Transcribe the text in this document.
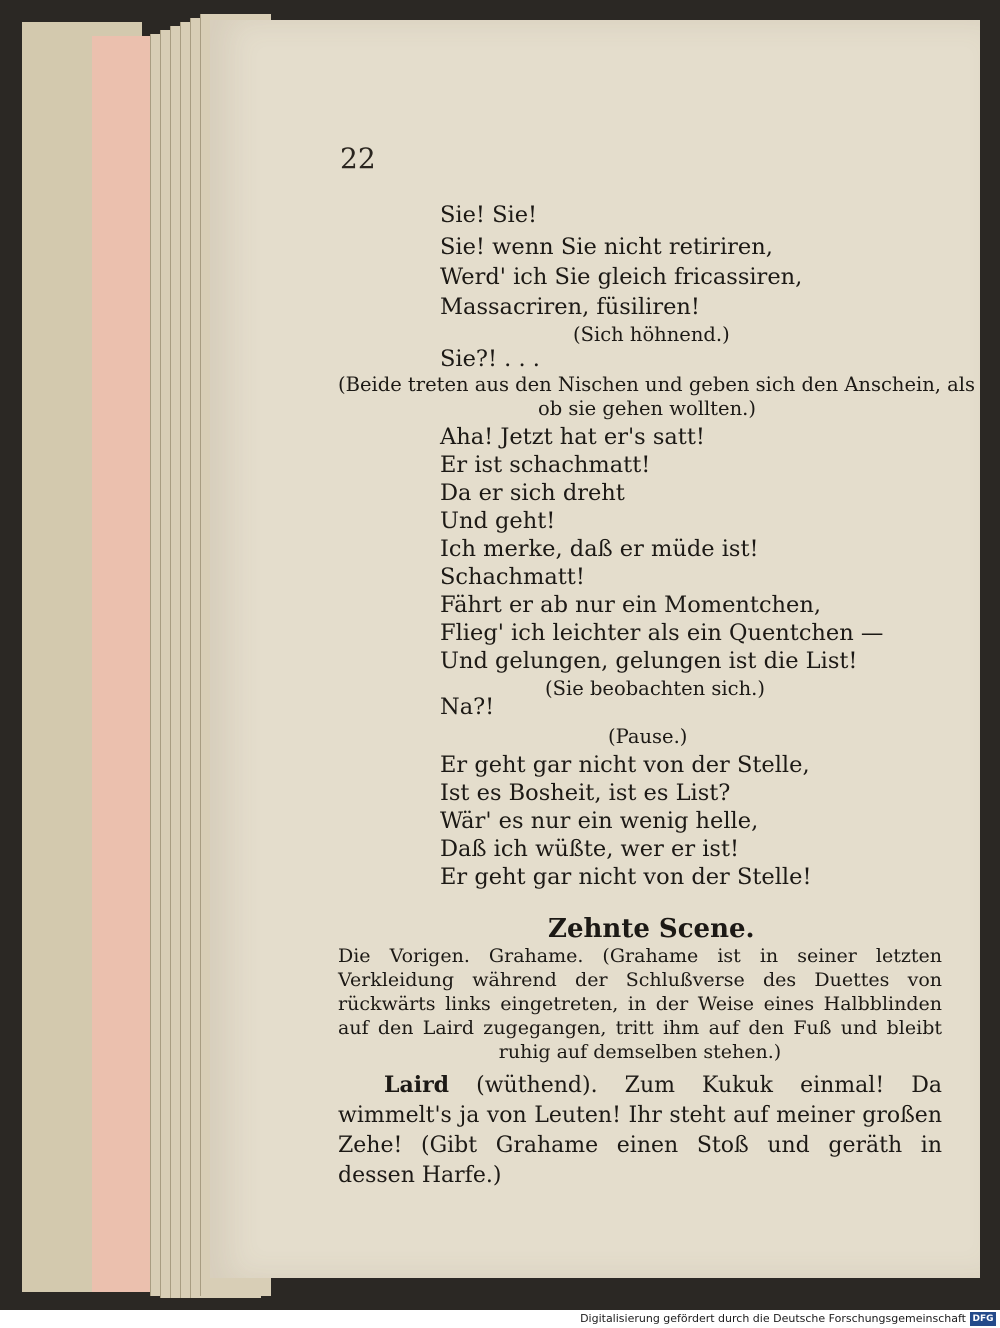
22
Sie! Sie!
Sie! wenn Sie nicht retiriren,
Werd' ich Sie gleich fricassiren,
Massacriren, füsiliren!
(Sich höhnend.)
Sie?! . . .
(Beide treten aus den Nischen und geben sich den Anschein, als
ob sie gehen wollten.)
Aha! Jetzt hat er's satt!
Er ist schachmatt!
Da er sich dreht
Und geht!
Ich merke, daß er müde ist!
Schachmatt!
Fährt er ab nur ein Momentchen,
Flieg' ich leichter als ein Quentchen —
Und gelungen, gelungen ist die List!
(Sie beobachten sich.)
Na?!
(Pause.)
Er geht gar nicht von der Stelle,
Ist es Bosheit, ist es List?
Wär' es nur ein wenig helle,
Daß ich wüßte, wer er ist!
Er geht gar nicht von der Stelle!
Zehnte Scene.
Die Vorigen. Grahame. (Grahame ist in seiner letzten Verkleidung während der Schlußverse des Duettes von rückwärts links eingetreten, in der Weise eines Halbblinden auf den Laird zugegangen, tritt ihm auf den Fuß und bleibt ruhig auf demselben stehen.)
Laird (wüthend). Zum Kukuk einmal! Da wimmelt's ja von Leuten! Ihr steht auf meiner großen Zehe! (Gibt Grahame einen Stoß und geräth in dessen Harfe.)
Digitalisierung gefördert durch die Deutsche Forschungsgemeinschaft DFG
